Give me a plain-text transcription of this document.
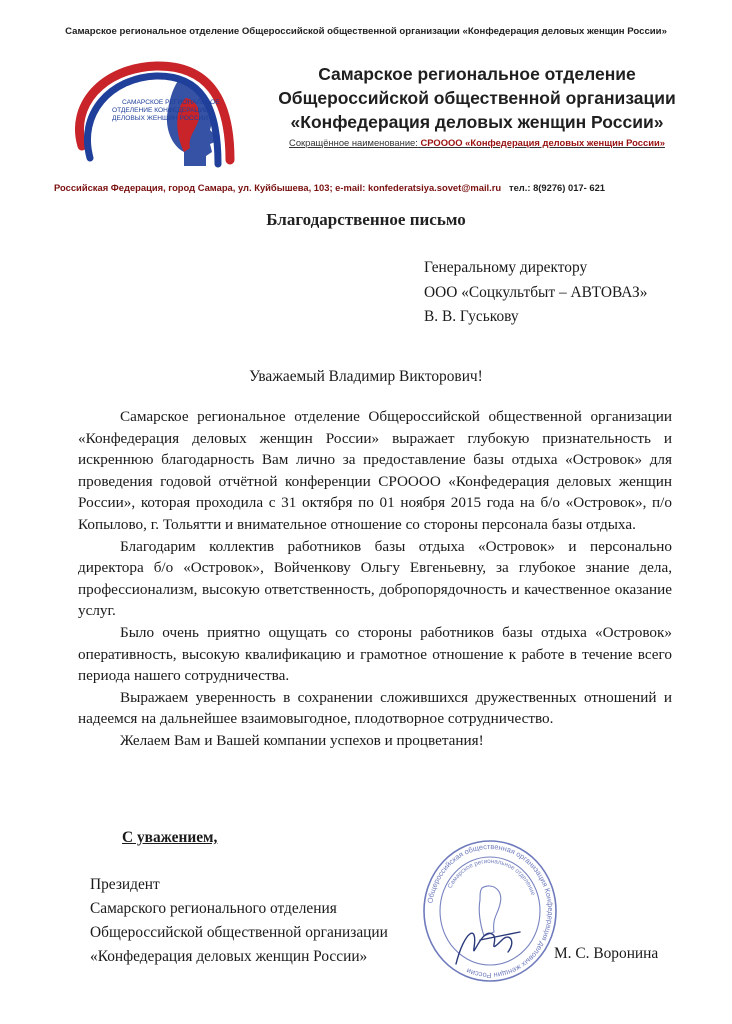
Самарское региональное отделение Общероссийской общественной организации «Конфедерация деловых женщин России»
САМАРСКОЕ РЕГИОНАЛЬНОЕ
ОТДЕЛЕНИЕ КОНФЕДЕРАЦИИ
ДЕЛОВЫХ ЖЕНЩИН РОССИИ
Самарское региональное отделение
Общероссийской общественной организации
«Конфедерация деловых женщин России»
Сокращённое наименование: СРОООО «Конфедерация деловых женщин России»
Российская Федерация, город Самара, ул. Куйбышева, 103; e-mail: konfederatsiya.sovet@mail.ru тел.: 8(9276) 017- 621
Благодарственное письмо
Генеральному директору
ООО «Соцкультбыт – АВТОВАЗ»
В. В. Гуськову
Уважаемый Владимир Викторович!

Самарское региональное отделение Общероссийской общественной организации «Конфедерация деловых женщин России» выражает глубокую признательность и искреннюю благодарность Вам лично за предоставление базы отдыха «Островок» для проведения годовой отчётной конференции СРОООО «Конфедерация деловых женщин России», которая проходила с 31 октября по 01 ноября 2015 года на б/о «Островок», п/о Копылово, г. Тольятти и внимательное отношение со стороны персонала базы отдыха.

Благодарим коллектив работников базы отдыха «Островок» и персонально директора б/о «Островок», Войченкову Ольгу Евгеньевну, за глубокое знание дела, профессионализм, высокую ответственность, добропорядочность и качественное оказание услуг.

Было очень приятно ощущать со стороны работников базы отдыха «Островок» оперативность, высокую квалификацию и грамотное отношение к работе в течение всего периода нашего сотрудничества.

Выражаем уверенность в сохранении сложившихся дружественных отношений и надеемся на дальнейшее взаимовыгодное, плодотворное сотрудничество.

Желаем Вам и Вашей компании успехов и процветания!

С уважением,
Президент
Самарского регионального отделения
Общероссийской общественной организации
«Конфедерация деловых женщин России»
Общероссийская общественная организация Конфедерация деловых женщин России
Самарское региональное отделение
М. С. Воронина
